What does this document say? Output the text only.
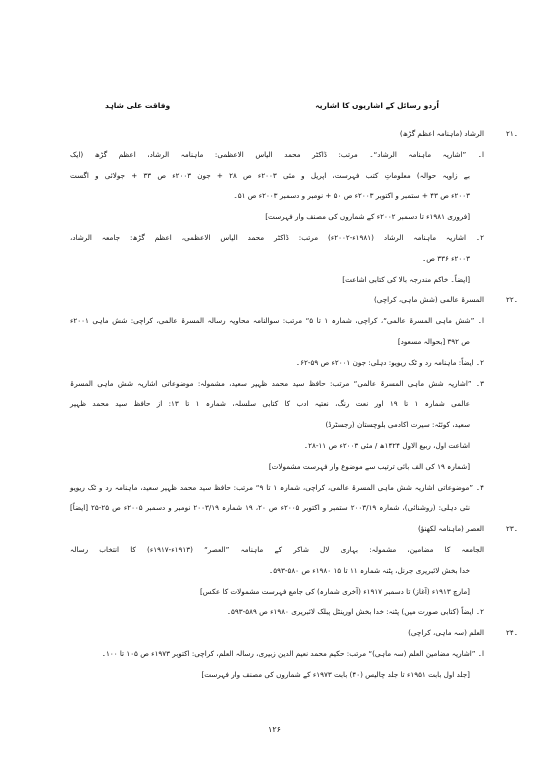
وفاقت علی شاہد	اُردو رسائل کے اشاریوں کا اشاریہ
۲۱۔
الرشاد (ماہنامہ اعظم گڑھ)
ا۔ ”اشاریہ ماہنامہ الرشاد“۔ مرتب: ڈاکٹر محمد الیاس الاعظمی: ماہنامہ الرشاد، اعظم گڑھ (ایک
بے زاویہ حوالہ) معلوماتِ کتب فہرست، اپریل و مئی ۲۰۰۳ء ص ۲۸ + جون ۲۰۰۳ء ص ۳۳ + جولائی و اگست
۲۰۰۳ء ص ۴۳ + ستمبر و اکتوبر ۲۰۰۳ء ص ۵۰ + نومبر و دسمبر ۲۰۰۳ء ص ۵۱۔
[فروری ۱۹۸۱ء تا دسمبر ۲۰۰۲ء کے شماروں کی مصنف وار فہرست]
۲۔ اشاریہ ماہنامہ الرشاد (۱۹۸۱ء-۲۰۰۲ء) مرتب: ڈاکٹر محمد الیاس الاعظمی، اعظم گڑھ: جامعہ الرشاد،
۲۰۰۳ء ۳۳۶ ص۔
[ایضاً۔ خاکم مندرجہ بالا کی کتابی اشاعت]
۲۲۔
المسرۃ عالمی (شش ماہی، کراچی)
ا۔ ”شش ماہی المسرۃ عالمی“، کراچی، شمارہ ۱ تا ۵“ مرتب: سوالنامہ محاویہ رسالہ المسرۃ عالمی، کراچی: شش ماہی ۲۰۰۱ء
ص ۳۹۲ [بحوالہ مسعود]
۲۔ ایضاً: ماہنامہ رد و ٹک ریویو: دہلی: جون ۲۰۰۱ء ص ۵۹-۶۲۔
۳۔ ”اشاریہ شش ماہی المسرۃ عالمی“ مرتب: حافظ سید محمد ظہیر سعید، مشمولہ: موضوعاتی اشاریہ شش ماہی المسرۃ
عالمی شمارہ ۱ تا ۱۹ اور نعت رنگ، نعتیہ ادب کا کتابی سلسلہ، شمارہ ۱ تا ۱۳: از حافظ سید محمد ظہیر
سعید، کوئٹہ: سیرت اکادمی بلوچستان (رجسٹرڈ)
اشاعت اول، ربیع الاول ۱۴۲۴ھ / مئی ۲۰۰۳ء ص ۱۱-۲۸۔
[شمارہ ۱۹ کی الف بائی ترتیب سے موضوع وار فہرست مشمولات]
۴۔ ”موضوعاتی اشاریہ شش ماہی المسرۃ عالمی، کراچی، شمارہ ۱ تا ۹“ مرتب: حافظ سید محمد ظہیر سعید، ماہنامہ رد و ٹک ریویو
نئی دہلی: (روشنائی)، شمارہ ۲۰۰۳/۱۹ ستمبر و اکتوبر ۲۰۰۵ء ص ۲۰، ۱۹ شمارہ ۲۰۰۳/۱۹ نومبر و دسمبر ۲۰۰۵ء ص ۲۵-۲۵ [ایضاً]
۲۳۔
العصر (ماہنامہ لکھنؤ)
الجامعہ کا مضامین، مشمولہ: بہاری لال شاکر کے ماہنامہ ”العصر“ (۱۹۱۳ء-۱۹۱۷ء) کا انتخاب رسالہ
خدا بخش لائبریری جرنل، پٹنہ شمارہ ۱۱ تا ۱۵ ۱۹۸۰ء ص ۵۸۰-۵۹۳۔
[مارچ ۱۹۱۳ء (آغاز) تا دسمبر ۱۹۱۷ء (آخری شمارہ) کی جامع فہرست مشمولات کا عکس]
۲۔ ایضاً (کتابی صورت میں) پٹنہ: خدا بخش اورینٹل پبلک لائبریری ۱۹۸۰ء ص ۵۸۹-۵۹۳۔
۲۴۔
العلم (سہ ماہی، کراچی)
ا۔ ”اشاریہ مضامین العلم (سہ ماہی)“ مرتب: حکیم محمد نعیم الدین زبیری، رسالہ العلم، کراچی: اکتوبر ۱۹۷۳ء ص ۱۰۵ تا ۱۰۰۔
[جلد اول بابت ۱۹۵۱ء تا جلد چالیس (۴۰) بابت ۱۹۷۳ء کے شماروں کی مصنف وار فہرست]
۱۲۶
